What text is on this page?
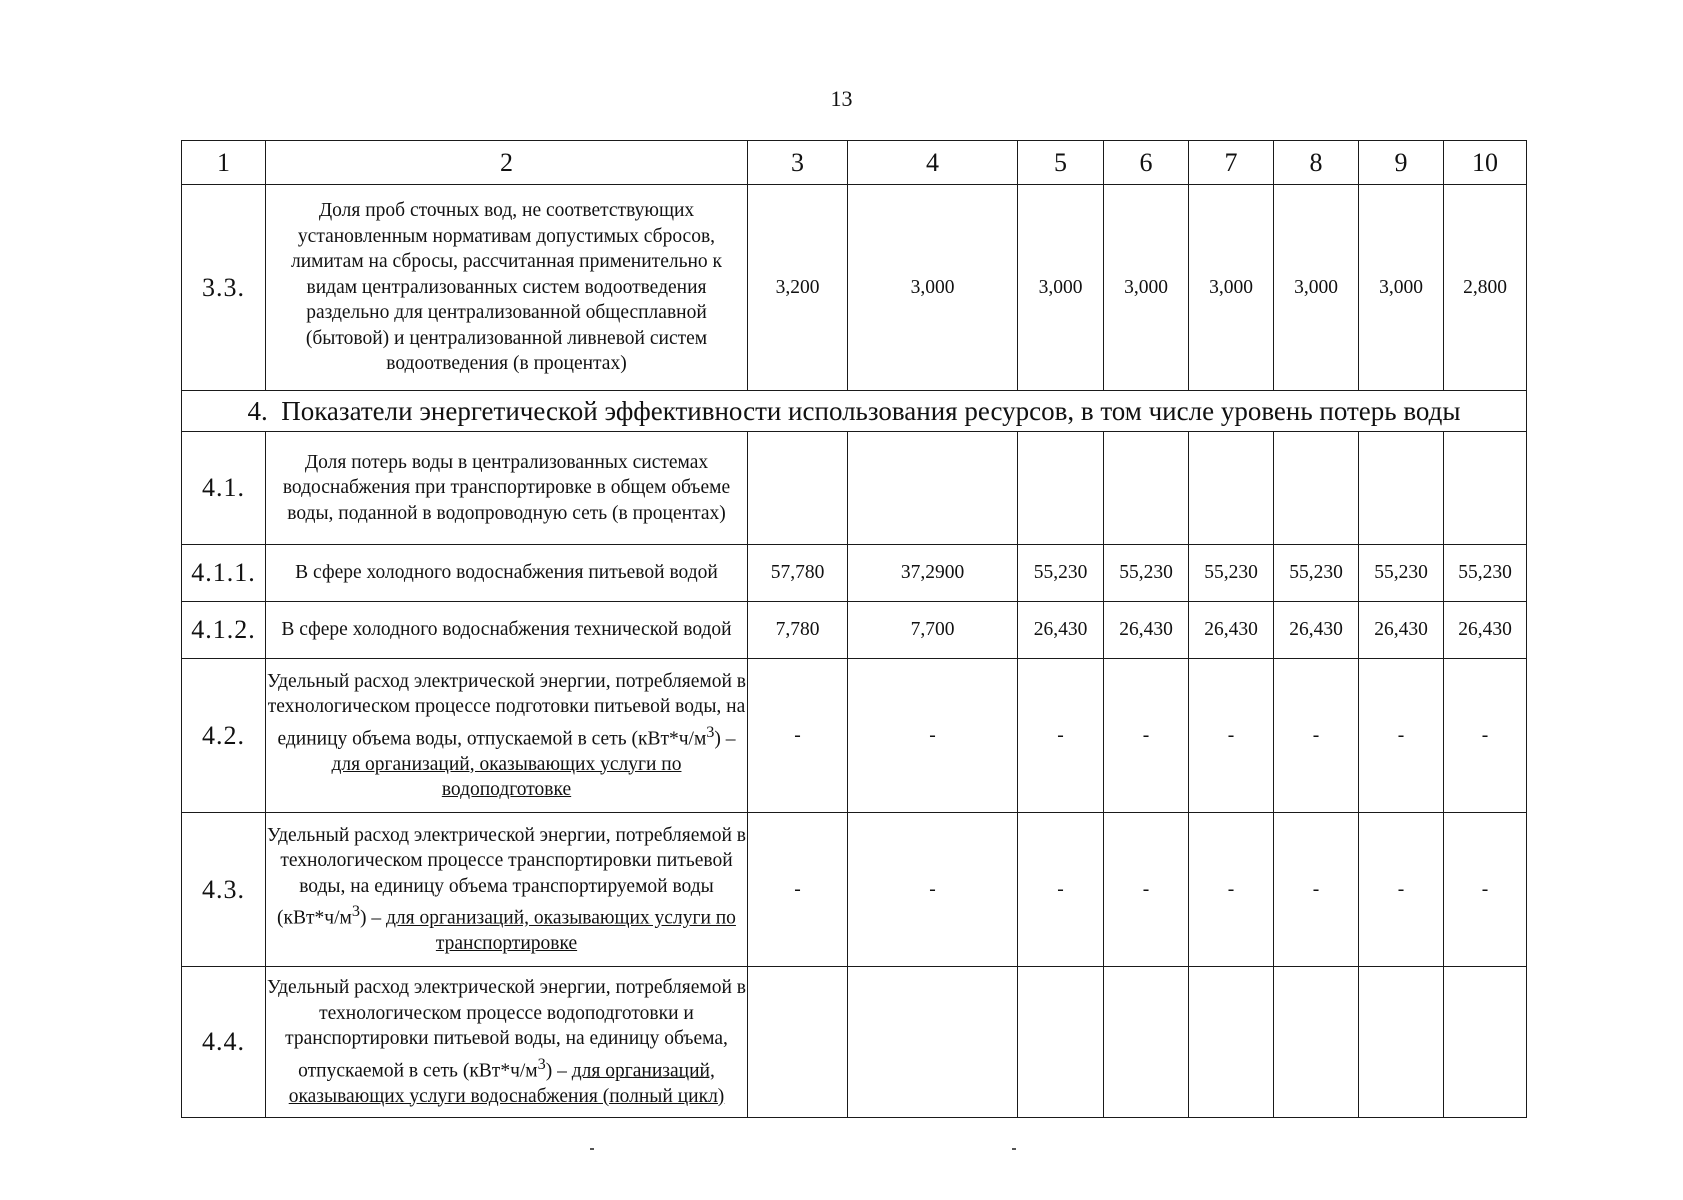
13
1	2	3	4	5	6	7	8	9	10
3.3.	Доля проб сточных вод, не соответствующих установленным нормативам допустимых сбросов, лимитам на сбросы, рассчитанная применительно к видам централизованных систем водоотведения раздельно для централизованной общесплавной (бытовой) и централизованной ливневой систем водоотведения (в процентах)	3,200	3,000	3,000	3,000	3,000	3,000	3,000	2,800
4. Показатели энергетической эффективности использования ресурсов, в том числе уровень потерь воды									
4.1.	Доля потерь воды в централизованных системах водоснабжения при транспортировке в общем объеме воды, поданной в водопроводную сеть (в процентах)								
4.1.1.	В сфере холодного водоснабжения питьевой водой	57,780	37,2900	55,230	55,230	55,230	55,230	55,230	55,230
4.1.2.	В сфере холодного водоснабжения технической водой	7,780	7,700	26,430	26,430	26,430	26,430	26,430	26,430
4.2.	Удельный расход электрической энергии, потребляемой в технологическом процессе подготовки питьевой воды, на единицу объема воды, отпускаемой в сеть $(кВт*ч/м^3)$ – для организаций, оказывающих услуги по водоподготовке	-	-	-	-	-	-	-	-
4.3.	Удельный расход электрической энергии, потребляемой в технологическом процессе транспортировки питьевой воды, на единицу объема транспортируемой воды $(кВт*ч/м^3)$ – для организаций, оказывающих услуги по транспортировке	-	-	-	-	-	-	-	-
4.4.	Удельный расход электрической энергии, потребляемой в технологическом процессе водоподготовки и транспортировки питьевой воды, на единицу объема, отпускаемой в сеть $(кВт*ч/м^3)$ – для организаций, оказывающих услуги водоснабжения (полный цикл)								
